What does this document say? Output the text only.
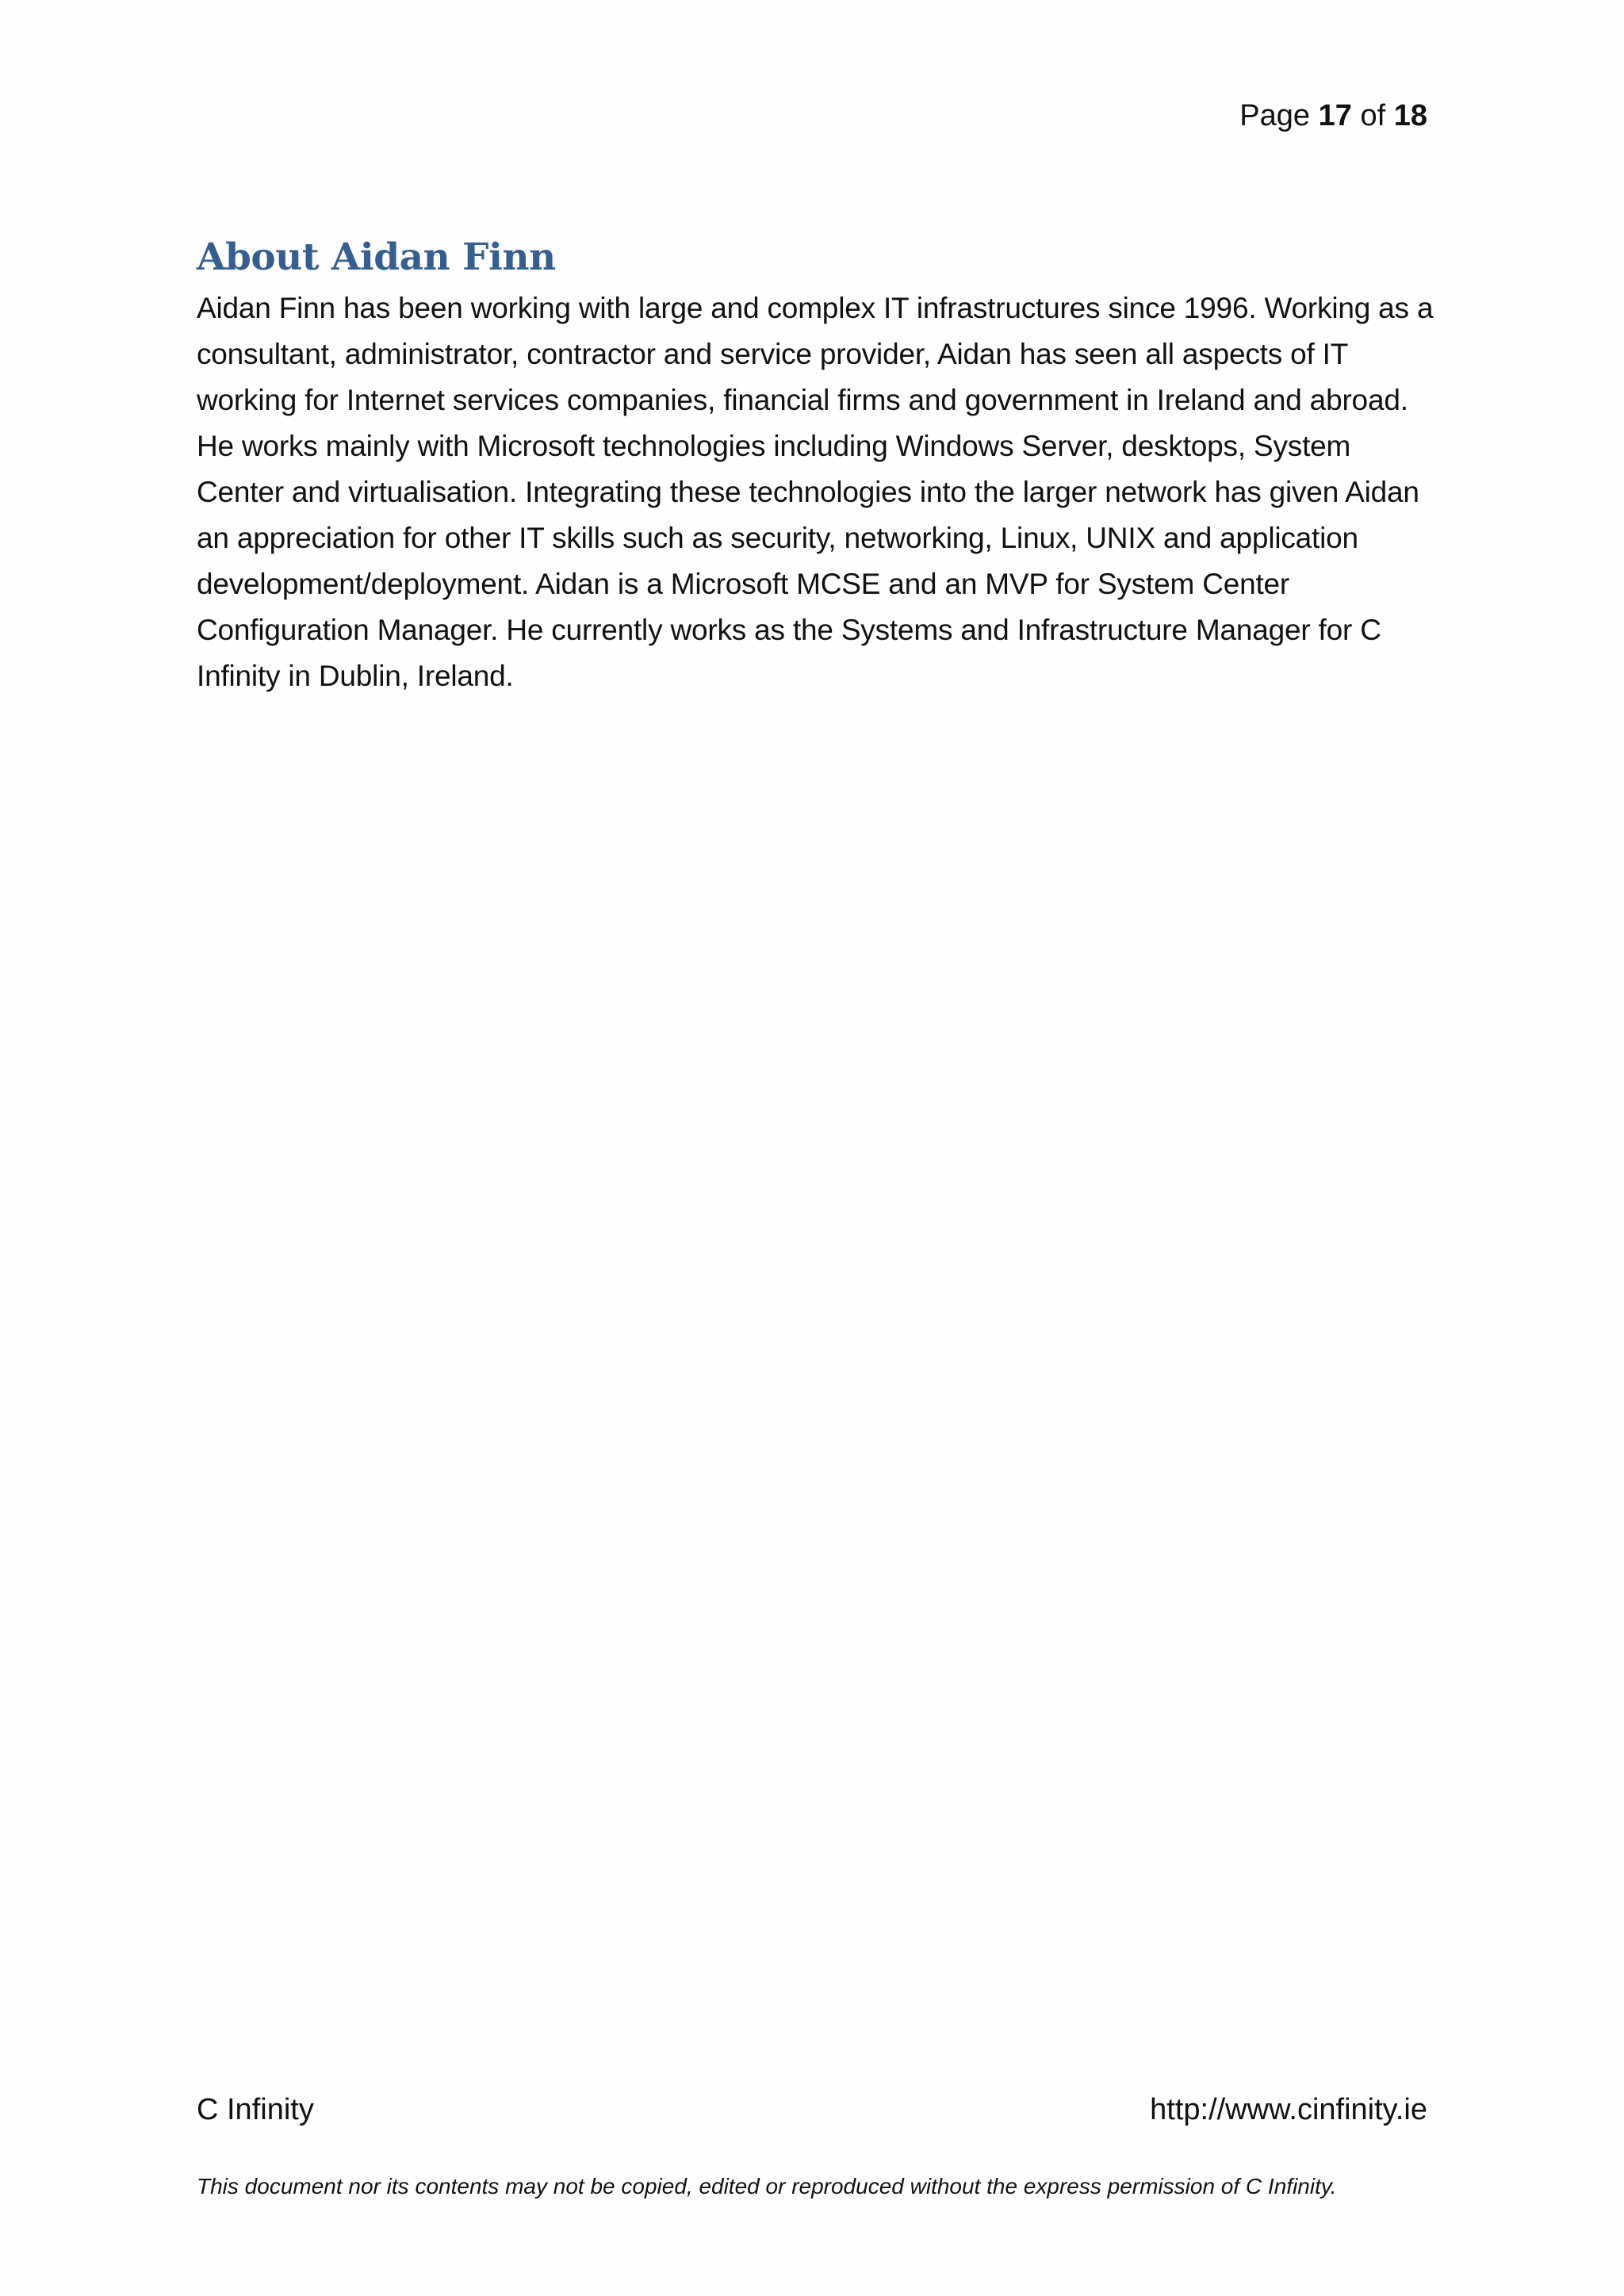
Page 17 of 18
About Aidan Finn

Aidan Finn has been working with large and complex IT infrastructures since 1996. Working as a consultant, administrator, contractor and service provider, Aidan has seen all aspects of IT working for Internet services companies, financial firms and government in Ireland and abroad. He works mainly with Microsoft technologies including Windows Server, desktops, System Center and virtualisation. Integrating these technologies into the larger network has given Aidan an appreciation for other IT skills such as security, networking, Linux, UNIX and application development/deployment. Aidan is a Microsoft MCSE and an MVP for System Center Configuration Manager. He currently works as the Systems and Infrastructure Manager for C Infinity in Dublin, Ireland.

C Infinity	http://www.cinfinity.ie
This document nor its contents may not be copied, edited or reproduced without the express permission of C Infinity.
